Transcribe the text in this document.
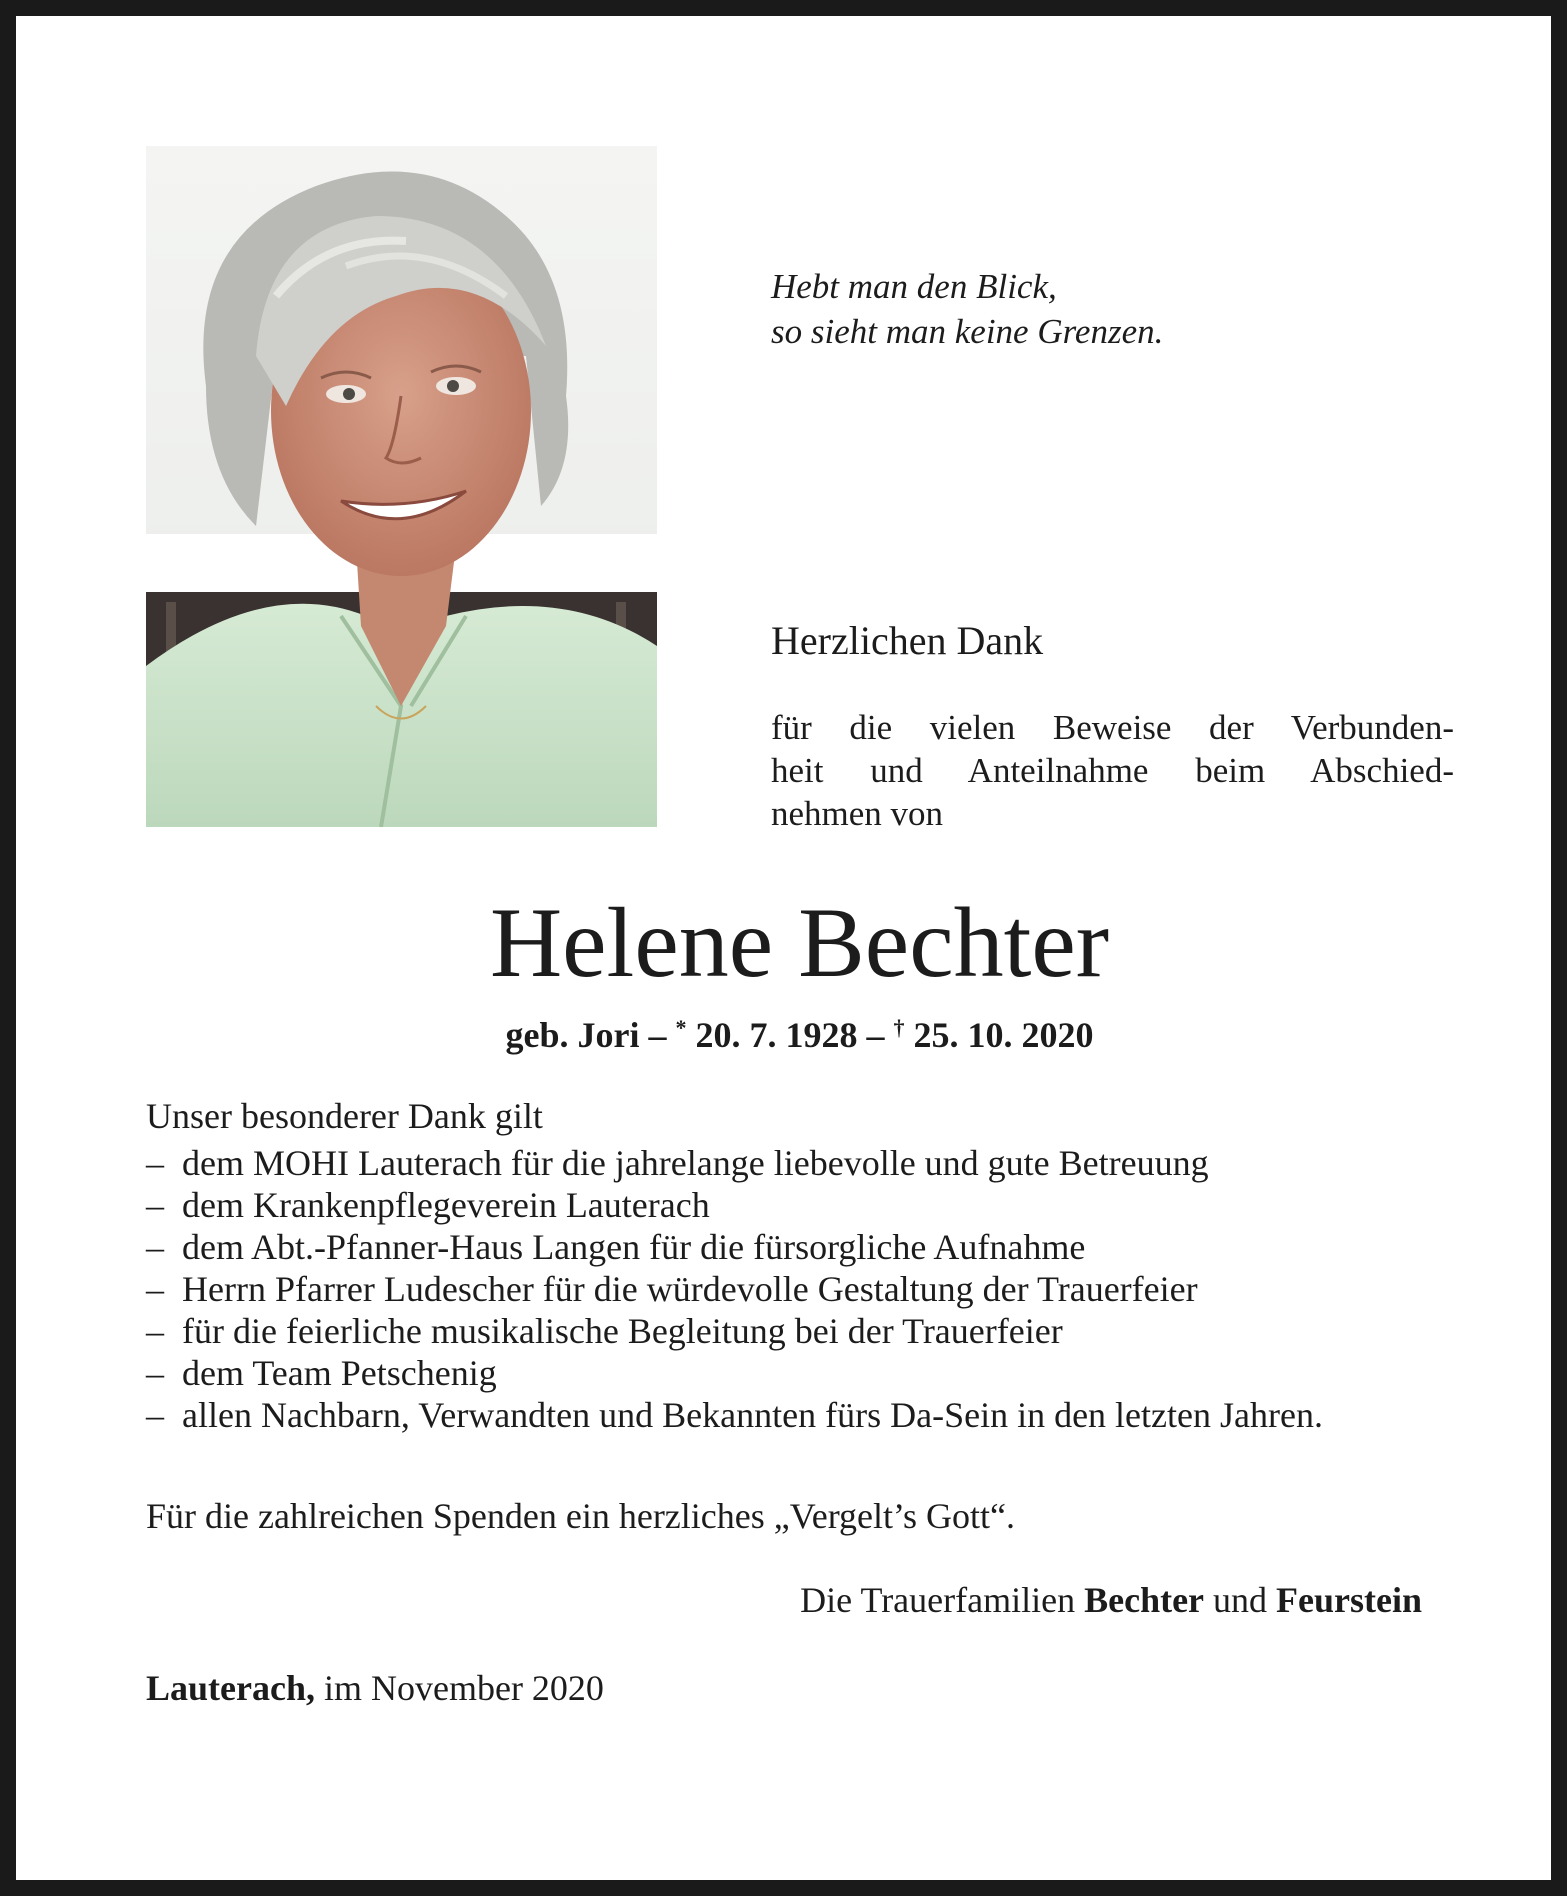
Hebt man den Blick,
so sieht man keine Grenzen.
Herzlichen Dank
für die vielen Beweise der Verbunden-
heit und Anteilnahme beim Abschied-
nehmen von
Helene Bechter
geb. Jori – * 20. 7. 1928 – † 25. 10. 2020
Unser besonderer Dank gilt
– dem MOHI Lauterach für die jahrelange liebevolle und gute Betreuung
– dem Krankenpflegeverein Lauterach
– dem Abt.-Pfanner-Haus Langen für die fürsorgliche Aufnahme
– Herrn Pfarrer Ludescher für die würdevolle Gestaltung der Trauerfeier
– für die feierliche musikalische Begleitung bei der Trauerfeier
– dem Team Petschenig
– allen Nachbarn, Verwandten und Bekannten fürs Da-Sein in den letzten Jahren.
Für die zahlreichen Spenden ein herzliches „Vergelt’s Gott“.
Die Trauerfamilien Bechter und Feurstein
Lauterach, im November 2020
